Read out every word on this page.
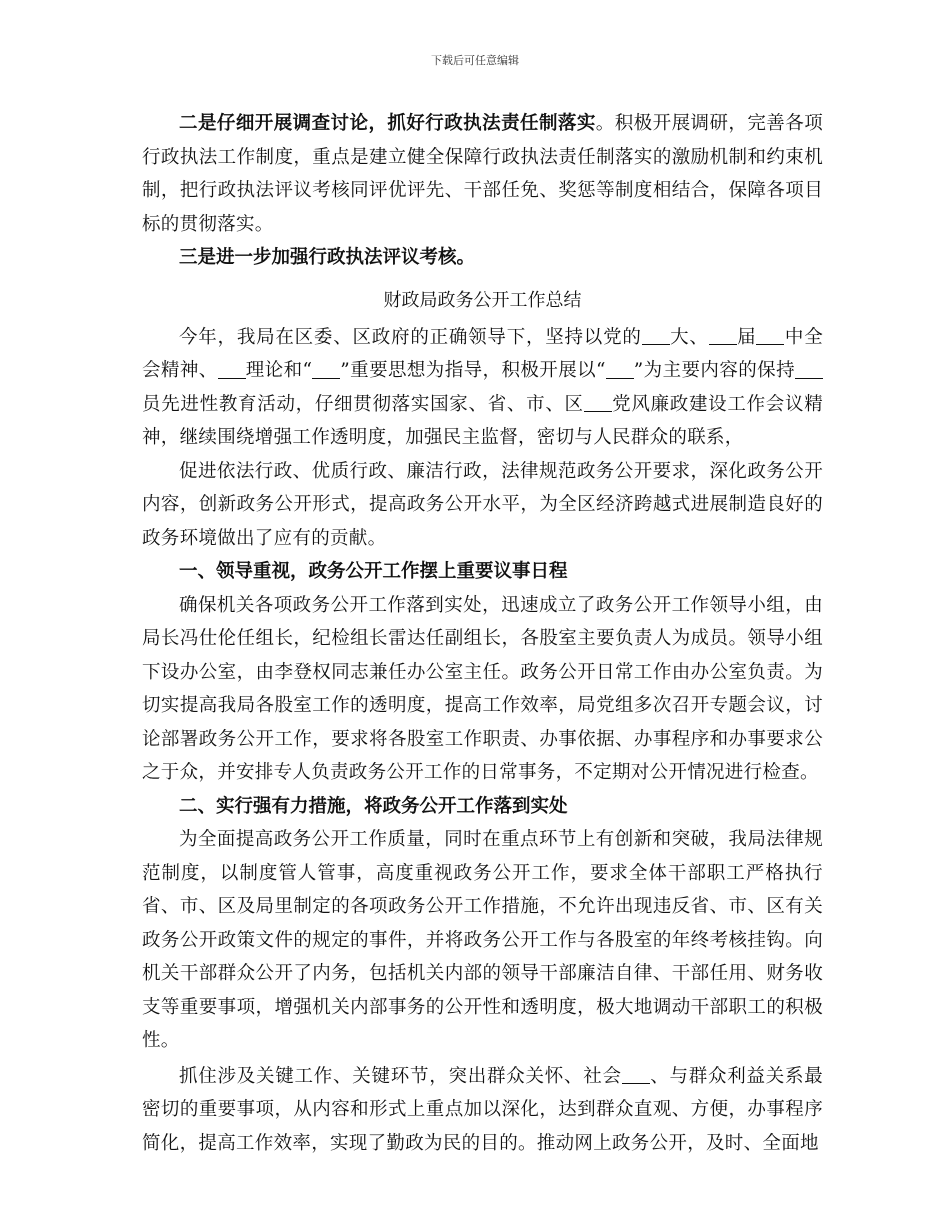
下载后可任意编辑

二是仔细开展调查讨论，抓好行政执法责任制落实。积极开展调研，完善各项行政执法工作制度，重点是建立健全保障行政执法责任制落实的激励机制和约束机制，把行政执法评议考核同评优评先、干部任免、奖惩等制度相结合，保障各项目标的贯彻落实。

三是进一步加强行政执法评议考核。

财政局政务公开工作总结

今年，我局在区委、区政府的正确领导下，坚持以党的 大、 届 中全会精神、 理论和“ ”重要思想为指导，积极开展以“ ”为主要内容的保持员先进性教育活动，仔细贯彻落实国家、省、市、区 党风廉政建设工作会议精神，继续围绕增强工作透明度，加强民主监督，密切与人民群众的联系，

促进依法行政、优质行政、廉洁行政，法律规范政务公开要求，深化政务公开内容，创新政务公开形式，提高政务公开水平，为全区经济跨越式进展制造良好的政务环境做出了应有的贡献。

一、领导重视，政务公开工作摆上重要议事日程

确保机关各项政务公开工作落到实处，迅速成立了政务公开工作领导小组，由局长冯仕伦任组长，纪检组长雷达任副组长，各股室主要负责人为成员。领导小组下设办公室，由李登权同志兼任办公室主任。政务公开日常工作由办公室负责。为切实提高我局各股室工作的透明度，提高工作效率，局党组多次召开专题会议，讨论部署政务公开工作，要求将各股室工作职责、办事依据、办事程序和办事要求公之于众，并安排专人负责政务公开工作的日常事务，不定期对公开情况进行检查。

二、实行强有力措施，将政务公开工作落到实处

为全面提高政务公开工作质量，同时在重点环节上有创新和突破，我局法律规范制度，以制度管人管事，高度重视政务公开工作，要求全体干部职工严格执行省、市、区及局里制定的各项政务公开工作措施，不允许出现违反省、市、区有关政务公开政策文件的规定的事件，并将政务公开工作与各股室的年终考核挂钩。向机关干部群众公开了内务，包括机关内部的领导干部廉洁自律、干部任用、财务收支等重要事项，增强机关内部事务的公开性和透明度，极大地调动干部职工的积极性。

抓住涉及关键工作、关键环节，突出群众关怀、社会 、与群众利益关系最密切的重要事项，从内容和形式上重点加以深化，达到群众直观、方便，办事程序简化，提高工作效率，实现了勤政为民的目的。推动网上政务公开，及时、全面地
